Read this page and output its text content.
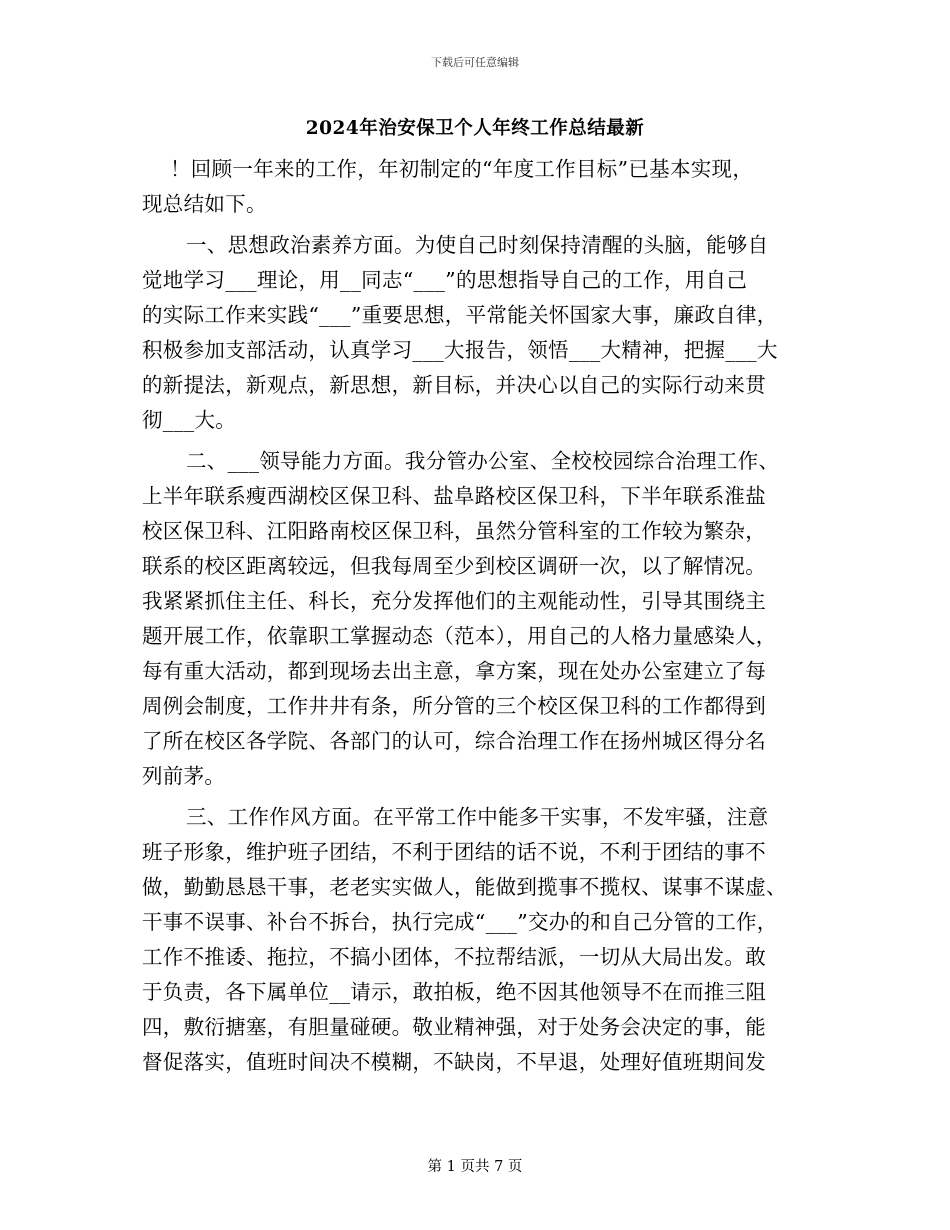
下载后可任意编辑
2024年治安保卫个人年终工作总结最新
！回顾一年来的工作，年初制定的“年度工作目标”已基本实现，
现总结如下。
一、思想政治素养方面。为使自己时刻保持清醒的头脑，能够自
觉地学习___理论，用__同志“___”的思想指导自己的工作，用自己
的实际工作来实践“___”重要思想，平常能关怀国家大事，廉政自律，
积极参加支部活动，认真学习___大报告，领悟___大精神，把握___大
的新提法，新观点，新思想，新目标，并决心以自己的实际行动来贯
彻___大。
二、___领导能力方面。我分管办公室、全校校园综合治理工作、
上半年联系瘦西湖校区保卫科、盐阜路校区保卫科，下半年联系淮盐
校区保卫科、江阳路南校区保卫科，虽然分管科室的工作较为繁杂，
联系的校区距离较远，但我每周至少到校区调研一次，以了解情况。
我紧紧抓住主任、科长，充分发挥他们的主观能动性，引导其围绕主
题开展工作，依靠职工掌握动态（范本），用自己的人格力量感染人，
每有重大活动，都到现场去出主意，拿方案，现在处办公室建立了每
周例会制度，工作井井有条，所分管的三个校区保卫科的工作都得到
了所在校区各学院、各部门的认可，综合治理工作在扬州城区得分名
列前茅。
三、工作作风方面。在平常工作中能多干实事，不发牢骚，注意
班子形象，维护班子团结，不利于团结的话不说，不利于团结的事不
做，勤勤恳恳干事，老老实实做人，能做到揽事不揽权、谋事不谋虚、
干事不误事、补台不拆台，执行完成“___”交办的和自己分管的工作，
工作不推诿、拖拉，不搞小团体，不拉帮结派，一切从大局出发。敢
于负责，各下属单位__请示，敢拍板，绝不因其他领导不在而推三阻
四，敷衍搪塞，有胆量碰硬。敬业精神强，对于处务会决定的事，能
督促落实，值班时间决不模糊，不缺岗，不早退，处理好值班期间发
第 1 页共 7 页
